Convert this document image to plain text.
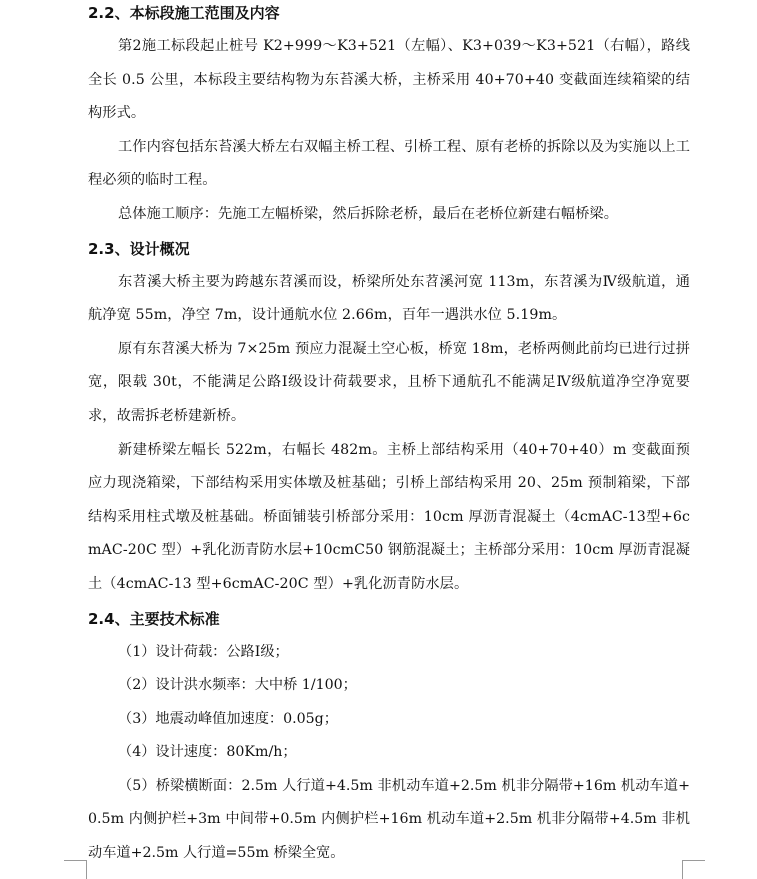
2.2、本标段施工范围及内容

第2施工标段起止桩号 K2+999～K3+521（左幅）、K3+039～K3+521（右幅），路线全长 0.5 公里，本标段主要结构物为东苔溪大桥，主桥采用 40+70+40 变截面连续箱梁的结构形式。

工作内容包括东苔溪大桥左右双幅主桥工程、引桥工程、原有老桥的拆除以及为实施以上工程必须的临时工程。

总体施工顺序：先施工左幅桥梁，然后拆除老桥，最后在老桥位新建右幅桥梁。

2.3、设计概况

东苕溪大桥主要为跨越东苕溪而设，桥梁所处东苕溪河宽 113m，东苕溪为Ⅳ级航道，通航净宽 55m，净空 7m，设计通航水位 2.66m，百年一遇洪水位 5.19m。

原有东苕溪大桥为 7×25m 预应力混凝土空心板，桥宽 18m，老桥两侧此前均已进行过拼宽，限载 30t，不能满足公路Ⅰ级设计荷载要求，且桥下通航孔不能满足Ⅳ级航道净空净宽要求，故需拆老桥建新桥。

新建桥梁左幅长 522m，右幅长 482m。主桥上部结构采用（40+70+40）m 变截面预应力现浇箱梁，下部结构采用实体墩及桩基础；引桥上部结构采用 20、25m 预制箱梁，下部结构采用柱式墩及桩基础。桥面铺装引桥部分采用：10cm 厚沥青混凝土（4cmAC-13型+6cmAC-20C 型）+乳化沥青防水层+10cmC50 钢筋混凝土；主桥部分采用：10cm 厚沥青混凝土（4cmAC-13 型+6cmAC-20C 型）+乳化沥青防水层。

2.4、主要技术标准

（1）设计荷载：公路Ⅰ级；

（2）设计洪水频率：大中桥 1/100；

（3）地震动峰值加速度：0.05g；

（4）设计速度：80Km/h；

（5）桥梁横断面：2.5m 人行道+4.5m 非机动车道+2.5m 机非分隔带+16m 机动车道+0.5m 内侧护栏+3m 中间带+0.5m 内侧护栏+16m 机动车道+2.5m 机非分隔带+4.5m 非机动车道+2.5m 人行道=55m 桥梁全宽。
